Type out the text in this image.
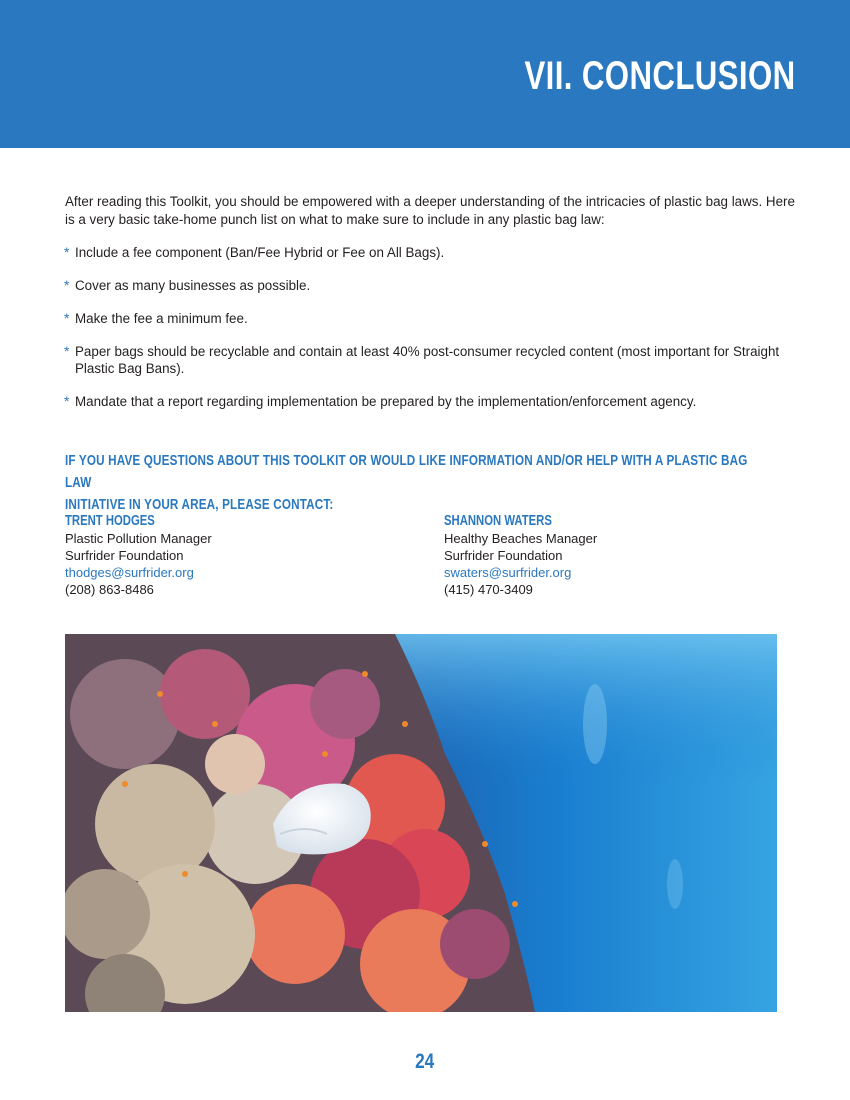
VII. CONCLUSION

After reading this Toolkit, you should be empowered with a deeper understanding of the intricacies of plastic bag laws. Here is a very basic take-home punch list on what to make sure to include in any plastic bag law:

* Include a fee component (Ban/Fee Hybrid or Fee on All Bags).
* Cover as many businesses as possible.
* Make the fee a minimum fee.
* Paper bags should be recyclable and contain at least 40% post-consumer recycled content (most important for Straight Plastic Bag Bans).
* Mandate that a report regarding implementation be prepared by the implementation/enforcement agency.
IF YOU HAVE QUESTIONS ABOUT THIS TOOLKIT OR WOULD LIKE INFORMATION AND/OR HELP WITH A PLASTIC BAG LAW
INITIATIVE IN YOUR AREA, PLEASE CONTACT:
TRENT HODGES
Plastic Pollution Manager
Surfrider Foundation
thodges@surfrider.org
(208) 863-8486
SHANNON WATERS
Healthy Beaches Manager
Surfrider Foundation
swaters@surfrider.org
(415) 470-3409
24
